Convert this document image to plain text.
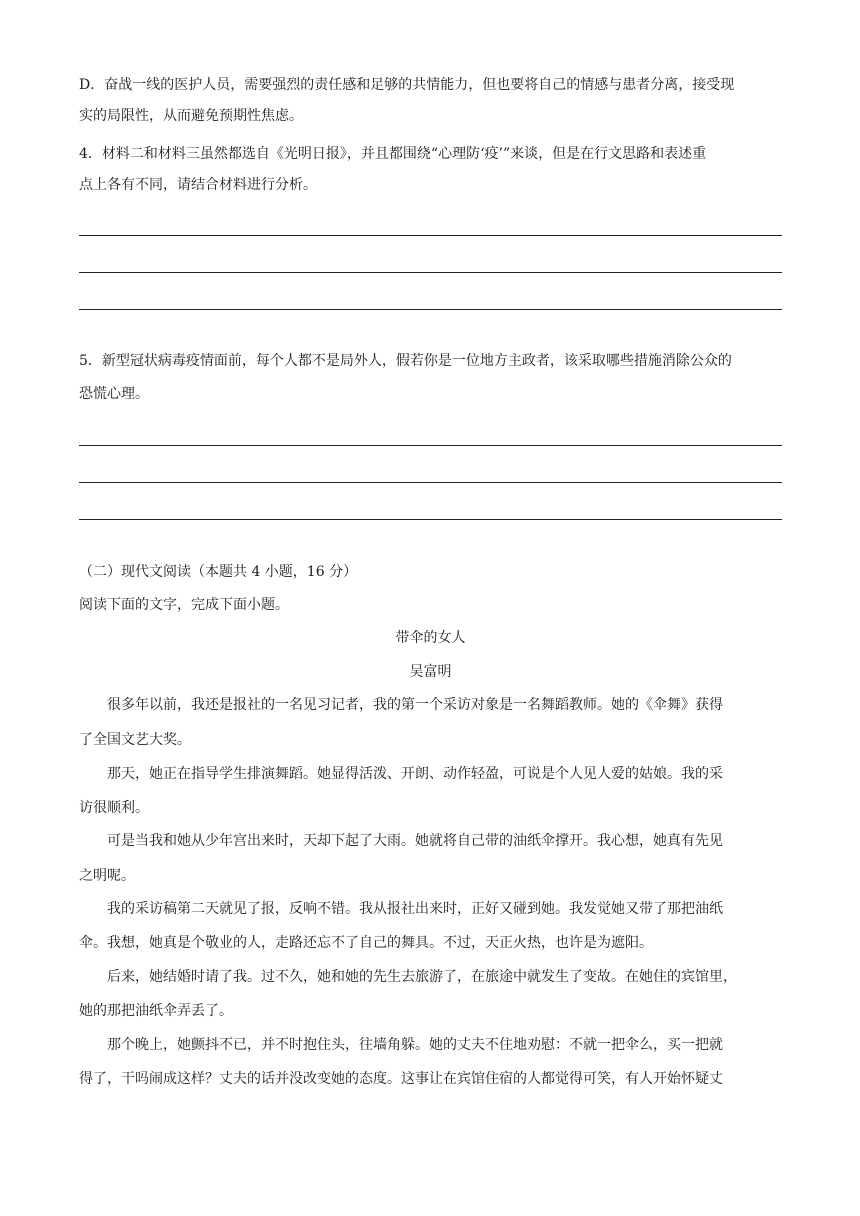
D．奋战一线的医护人员，需要强烈的责任感和足够的共情能力，但也要将自己的情感与患者分离，接受现
实的局限性，从而避免预期性焦虑。
4．材料二和材料三虽然都选自《光明日报》，并且都围绕“心理防‘疫’”来谈，但是在行文思路和表述重
点上各有不同，请结合材料进行分析。
5．新型冠状病毒疫情面前，每个人都不是局外人，假若你是一位地方主政者，该采取哪些措施消除公众的
恐慌心理。
（二）现代文阅读（本题共 4 小题，16 分）
阅读下面的文字，完成下面小题。
带伞的女人
吴富明
很多年以前，我还是报社的一名见习记者，我的第一个采访对象是一名舞蹈教师。她的《伞舞》获得
了全国文艺大奖。
那天，她正在指导学生排演舞蹈。她显得活泼、开朗、动作轻盈，可说是个人见人爱的姑娘。我的采
访很顺利。
可是当我和她从少年宫出来时，天却下起了大雨。她就将自己带的油纸伞撑开。我心想，她真有先见
之明呢。
我的采访稿第二天就见了报，反响不错。我从报社出来时，正好又碰到她。我发觉她又带了那把油纸
伞。我想，她真是个敬业的人，走路还忘不了自己的舞具。不过，天正火热，也许是为遮阳。
后来，她结婚时请了我。过不久，她和她的先生去旅游了，在旅途中就发生了变故。在她住的宾馆里，
她的那把油纸伞弄丢了。
那个晚上，她颤抖不已，并不时抱住头，往墙角躲。她的丈夫不住地劝慰：不就一把伞么，买一把就
得了，干吗闹成这样？丈夫的话并没改变她的态度。这事让在宾馆住宿的人都觉得可笑，有人开始怀疑丈
